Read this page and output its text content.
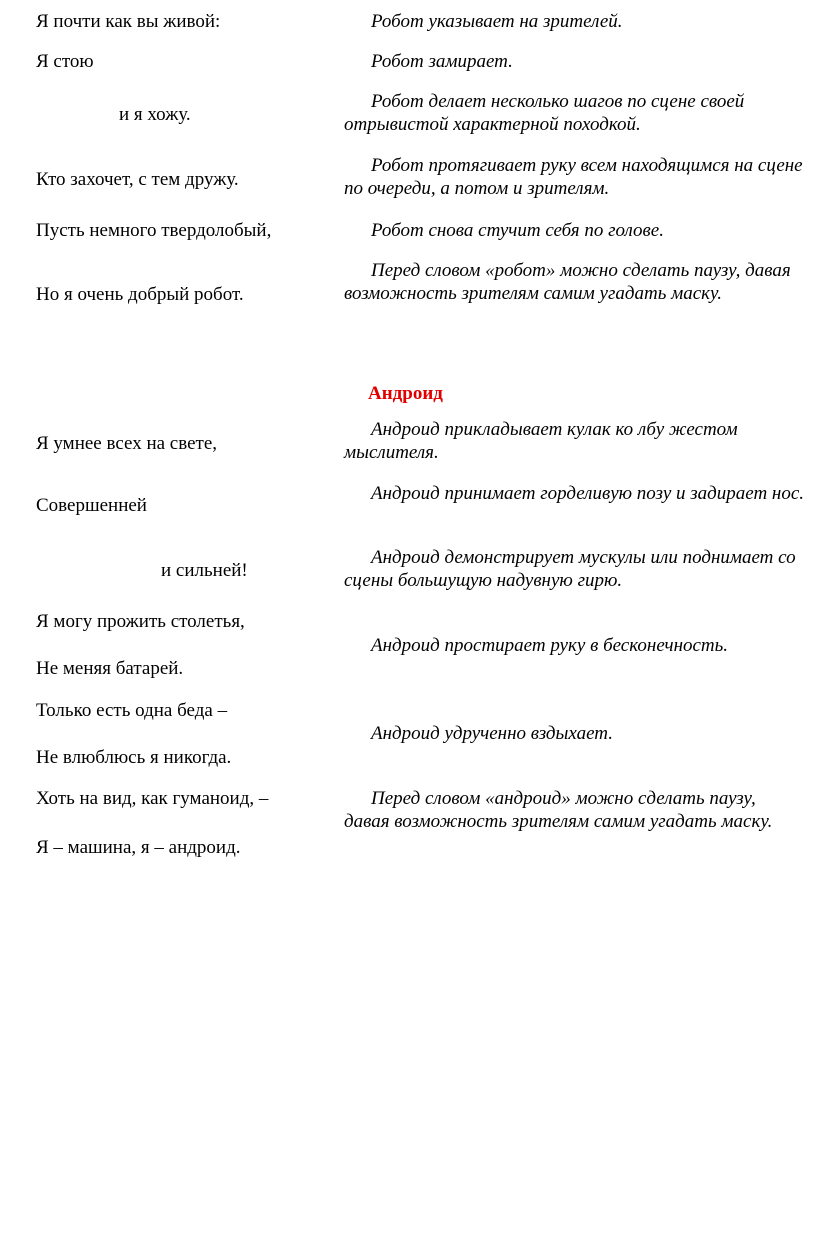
Я почти как вы живой:
Я стою
и я хожу.
Кто захочет, с тем дружу.
Пусть немного твердолобый,
Но я очень добрый робот.
Робот указывает на зрителей.
Робот замирает.
Робот делает несколько шагов по сцене своей отрывистой характерной походкой.
Робот протягивает руку всем находящимся на сцене по очереди, а потом и зрителям.
Робот снова стучит себя по голове.
Перед словом «робот» можно сделать паузу, давая возможность зрителям самим угадать маску.
Андроид
Я умнее всех на свете,
Совершенней
и сильней!
Я могу прожить столетья,
Не меняя батарей.
Только есть одна беда –
Не влюблюсь я никогда.
Хоть на вид, как гуманоид, –
Я – машина, я – андроид.
Андроид прикладывает кулак ко лбу жестом мыслителя.
Андроид принимает горделивую позу и задирает нос.
Андроид демонстрирует мускулы или поднимает со сцены большущую надувную гирю.
Андроид простирает руку в бесконечность.
Андроид удрученно вздыхает.
Перед словом «андроид» можно сделать паузу, давая возможность зрителям самим угадать маску.
